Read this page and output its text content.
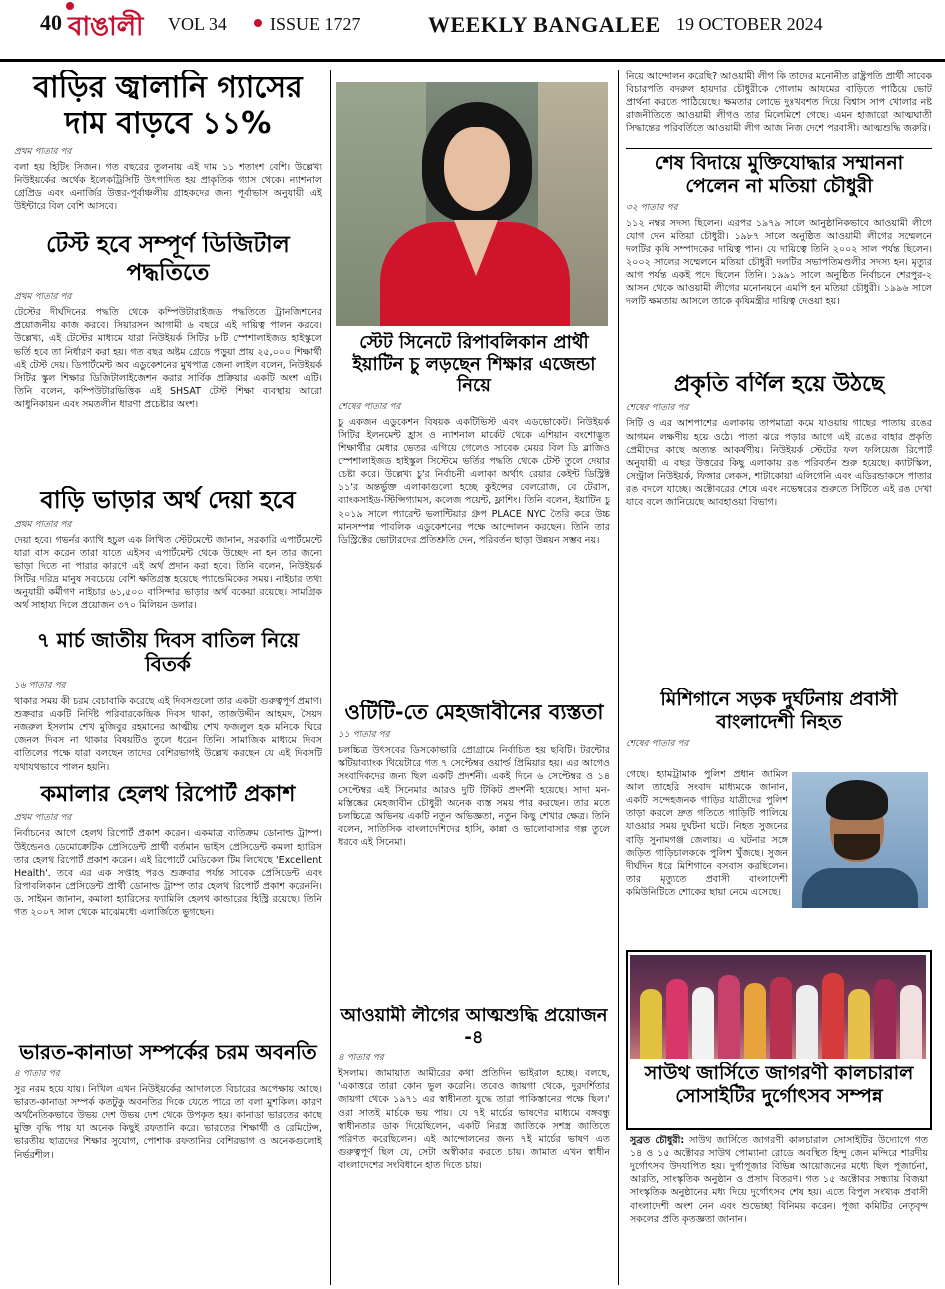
40 বাঙালী VOL 34 ISSUE 1727	WEEKLY BANGALEE 19 OCTOBER 2024
বাড়ির জ্বালানি গ্যাসের দাম বাড়বে ১১%
প্রথম পাতার পর
বলা হয় হিটিং সিজন। গত বছরের তুলনায় এই দাম ১১ শতাংশ বেশি। উল্লেখ্য নিউইয়র্কের অর্থেক ইলেকট্রিসিটি উৎপাদিত হয় প্রাকৃতিক গ্যাস থেকে। ন্যাশনাল গ্রেপ্রিড এবং এনার্জির উত্তর-পূর্বাঞ্চলীয় গ্রাহকদের জন্য পূর্বাভাস অনুযায়ী এই উইন্টারে বিল বেশি আসবে।
টেস্ট হবে সম্পূর্ণ ডিজিটাল পদ্ধতিতে
প্রথম পাতার পর
টেস্টের দীর্ঘদিনের পদ্ধতি থেকে কম্পিউটারাইজড পদ্ধতিতে ট্রানজিশনের প্রয়োজনীয় কাজ করবে। সিয়ারসন আগামী ৬ বছরে এই দায়িত্ব পালন করবে। উল্লেখ্য, এই টেস্টের মাধ্যমে যারা নিউইয়র্ক সিটির ৮টি স্পেশালাইজড হাইস্কুলে ভর্তি হবে তা নির্ধারণ করা হয়। গত বছর অষ্টম গ্রেডে পড়ুয়া প্রায় ২৫,০০০ শিক্ষার্থী এই টেস্ট দেয়। ডিপার্টমেন্ট অব এডুকেশনের মুখপাত্র জেনা লাইল বলেন, নিউইয়র্ক সিটির স্কুল শিক্ষার ডিজিটালাইজেশন করার সার্বিক প্রক্রিয়ার একটি অংশ এটি। তিনি বলেন, কম্পিউটারভিত্তিক এই SHSAT টেস্ট শিক্ষা ব্যবস্থায় আরো আধুনিকায়ন এবং সমতলীন ধারণা প্রচেষ্টার অংশ।
বাড়ি ভাড়ার অর্থ দেয়া হবে
প্রথম পাতার পর
দেয়া হবে। গভর্নর ক্যাথি হচুল এক লিখিত স্টেটমেন্টে জানান, সরকারি এপার্টমেন্টে যারা বাস করেন তারা যাতে এইসব এপার্টমেন্ট থেকে উচ্ছেদ না হন তার জন্যে ভাড়া দিতে না পারার কারণে এই অর্থ প্রদান করা হবে। তিনি বলেন, নিউইয়র্ক সিটির দরিদ্র মানুষ সবচেয়ে বেশি ক্ষতিগ্রস্ত হয়েছে প্যান্ডেমিকের সময়। নাইচার তথ্য অনুযায়ী কর্মীগণ নাইচার ৬১,৫০০ বাসিন্দার ভাড়ার অর্থ বকেয়া রয়েছে। সামগ্রিক অর্থ সাহায্য দিলে প্রয়োজন ৩৭০ মিলিয়ন ডলার।
৭ মার্চ জাতীয় দিবস বাতিল নিয়ে বিতর্ক
১৬ পাতার পর
থাকার সময় কী চরম বেচাবাকি করেছে এই দিবসগুলো তার একটা গুরুত্বপূর্ণ প্রমাণ। শুক্রবার একটি নির্দিষ্ট পরিবারকেন্দ্রিক দিবস থাকা, তাজউদ্দীন আহমদ, সৈয়দ নজরুল ইসলাম শেখ মুজিবুর রহমানের আত্মীয় শেখ ফজলুল হক মনিকে ঘিরে জেনল দিবস না থাকার বিষয়টিও তুলে ধরেন তিনি। সামাজিক মাধ্যমে দিবস বাতিলের পক্ষে যারা বলছেন তাদের বেশিরভাগই উল্লেখ করছেন যে এই দিবসটি যথাযথভাবে পালন হয়নি।
কমালার হেলথ রিপোর্ট প্রকাশ
প্রথম পাতার পর
নির্বাচনের আগে হেলথ রিপোর্ট প্রকাশ করেন। একমাত্র ব্যতিক্রম ডোনাল্ড ট্রাম্প। উইন্ডেনও ডেমোক্রেটিক প্রেসিডেন্ট প্রার্থী বর্তমান ভাইস প্রেসিডেন্ট কমলা হ্যারিস তার হেলথ রিপোর্ট প্রকাশ করেন। এই রিপোর্টে মেডিকেল টিম লিখেছে 'Excellent Health'. তবে এর এক সপ্তাহ পরও শুক্রবার পর্যন্ত সাবেক প্রেসিডেন্ট এবং রিপাবলিকান প্রেসিডেন্ট প্রার্থী ডোনাল্ড ট্রাম্প তার হেলথ রিপোর্ট প্রকাশ করেননি। ড. সাইমন জানান, কমালা হ্যারিসের ফ্যামিলি হেলথ কান্ডারের হিস্ট্রি রয়েছে। তিনি গত ২০০৭ সাল থেকে মাঝেমধ্যে এলার্জিতে ভুগছেন।
ভারত-কানাডা সম্পর্কের চরম অবনতি
৪ পাতার পর
সুর নরম হয়ে যায়। নিখিল এখন নিউইয়র্কের আদালতে বিচারের অপেক্ষায় আছে। ভারত-কানাডা সম্পর্ক কতটুকু অবনতির দিকে যেতে পারে তা বলা মুশকিল। কারণ অর্থনৈতিকভাবে উভয় দেশ উভয় দেশ থেকে উপকৃত হয়। কানাডা ভারতের কাছে মুক্তি বৃদ্ধি পায় যা অনেক কিছুই রফতানি করে। ভারতের শিক্ষার্থী ও রেমিটেন্স, ভারতীয় ছাত্রদের শিক্ষার সুযোগ, পোশাক রফতানির বেশিরভাগ ও অনেকগুলোই নির্ভরশীল।
স্টেট সিনেটে রিপাবলিকান প্রার্থী ইয়াটিন চু লড়ছেন শিক্ষার এজেন্ডা নিয়ে
শেষের পাতার পর
চু একজন এডুকেশন বিষয়ক একটিভিস্ট এবং এডভোকেট। নিউইয়র্ক সিটির ইলনমেন্ট হ্রাস ও ন্যাশনাল মার্কেট থেকে এশিয়ান বংশোদ্ভূত শিক্ষার্থীর মেধার ভেতর এগিয়ে গেলেও সাবেক মেয়র বিল ডি ব্লাজিও স্পেশালাইজড হাইস্কুল সিস্টেমে ভর্তির পদ্ধতি থেকে টেস্ট তুলে দেয়ার চেষ্টা করে। উল্লেখ্য চু'র নির্বাচনী এলাকা অর্থাৎ রেয়ার কেইন্ট ডিস্ট্রিক্ট ১১'র অন্তর্ভুক্ত এলাকাগুলো হচ্ছে কুইন্সের বেলরোজ, বে টেরাস, ব্যাংকসাইড-স্টিন্সিগ্যামস, কলেজ পয়েন্ট, ফ্লাশিং। তিনি বলেন, ইয়াটিন চু ২০১৯ সালে প্যারেন্ট ভলান্টিয়ার গ্রুপ PLACE NYC তৈরি করে উচ্চ মানসম্পন্ন পাবলিক এডুকেশনের পক্ষে আন্দোলন করছেন। তিনি তার ডিস্ট্রিক্টের ভোটারদের প্রতিশ্রুতি দেন, পরিবর্তন ছাড়া উন্নয়ন সম্ভব নয়।
ওটিটি-তে মেহজাবীনের ব্যস্ততা
১১ পাতার পর
চলচ্চিত্র উৎসবের ডিসকোভারি প্রোগ্রামে নির্বাচিত হয় ছবিটি। টরন্টোর স্কটিয়াব্যাংক থিয়েটারে গত ৭ সেপ্টেম্বর ওয়ার্ল্ড প্রিমিয়ার হয়। এর আগেও সংবাদিকদের জন্য ছিল একটি প্রদর্শনী। একই দিনে ৬ সেপ্টেম্বর ও ১৪ সেপ্টেম্বর এই সিনেমার আরও দুটি টিকিট প্রদর্শনী হয়েছে। সাদা মন-মস্তিষ্কের মেহজাবীন চৌধুরী অনেক ব্যস্ত সময় পার করছেন। তার মতে চলচ্চিত্রে অভিনয় একটি নতুন অভিজ্ঞতা, নতুন কিছু শেখার ক্ষেত্র। তিনি বলেন, সাতিসিক বাংলাদেশিদের হাসি, কান্না ও ভালোবাসার গল্প তুলে ধরবে এই সিনেমা।
আওয়ামী লীগের আত্মশুদ্ধি প্রয়োজন -৪
৪ পাতার পর
ইসলাম। জামায়াত আমীরের কথা প্রতিদিন ভাইরাল হচ্ছে। বলছে, 'একাত্তরে তারা কোন ভুল করেনি। তবেও জায়গা থেকে, দুরদর্শিতার জায়গা থেকে ১৯৭১ এর স্বাধীনতা যুদ্ধে তারা পাকিস্তানের পক্ষে ছিল।' ওরা সাতই মার্চকে ভয় পায়। যে ৭ই মার্চের ভাষণের মাধ্যমে বঙ্গবন্ধু স্বাধীনতার ডাক দিয়েছিলেন, একটি নিরস্ত্র জাতিকে সশস্ত্র জাতিতে পরিণত করেছিলেন। এই আন্দোলনের জন্য ৭ই মার্চের ভাষণ এত গুরুত্বপূর্ণ ছিল যে, সেটা অস্বীকার করতে চায়। জামাত এখন স্বাধীন বাংলাদেশের সংবিধানে হাত দিতে চায়।
নিয়ে আন্দোলন করেছি? আওয়ামী লীগ কি তাদের মনোনীত রাষ্ট্রপতি প্রার্থী সাবেক বিচারপতি বদরুল হায়দার চৌধুরীকে গোলাম আযমের বাড়িতে পাঠিয়ে ভোট প্রার্থনা করতে পাঠিয়েছে। ক্ষমতার লোভে দুঃখবশত দিয়ে বিশ্বাস সাপ খোলার নষ্ট রাজনীতিতে আওয়ামী লীগও তার মিলেমিশে গেছে। এমন হাজারো আত্মঘাতী সিদ্ধান্তের পরিবর্তিতে আওয়ামী লীগ আজ নিজ দেশে পরবাসী। আত্মশুদ্ধি জরুরি।
শেষ বিদায়ে মুক্তিযোদ্ধার সম্মাননা পেলেন না মতিয়া চৌধুরী
৩২ পাতার পর
১১২ নম্বর সদস্য ছিলেন। এরপর ১৯৭৯ সালে আনুষ্ঠানিকভাবে আওয়ামী লীগে যোগ দেন মতিয়া চৌধুরী। ১৯৮৭ সালে অনুষ্ঠিত আওয়ামী লীগের সম্মেলনে দলটির কৃষি সম্পাদকের দায়িত্ব পান। যে দায়িত্বে তিনি ২০০২ সাল পর্যন্ত ছিলেন। ২০০২ সালের সম্মেলনে মতিয়া চৌধুরী দলটির সভাপতিমণ্ডলীর সদস্য হন। মৃত্যুর আগ পর্যন্ত একই পদে ছিলেন তিনি। ১৯৯১ সালে অনুষ্ঠিত নির্বাচনে শেরপুর-২ আসন থেকে আওয়ামী লীগের মনোনয়নে এমপি হন মতিয়া চৌধুরী। ১৯৯৬ সালে দলটি ক্ষমতায় আসলে তাকে কৃষিমন্ত্রীর দায়িত্ব দেওয়া হয়।
প্রকৃতি বর্ণিল হয়ে উঠছে
শেষের পাতার পর
সিটি ও এর আশপাশের এলাকায় তাপমাত্রা কমে যাওয়ায় গাছের পাতায় রঙের আগমন লক্ষণীয় হয়ে ওঠে। পাতা ঝরে পড়ার আগে এই রঙের বাহার প্রকৃতি প্রেমীদের কাছে অত্যন্ত আকর্ষণীয়। নিউইয়র্ক স্টেটের ফল ফলিয়েজ রিপোর্ট অনুযায়ী এ বছর উত্তরের কিছু এলাকায় রঙ পরিবর্তন শুরু হয়েছে। ক্যাটস্কিল, সেন্ট্রাল নিউইয়র্ক, ফিঙ্গার লেকস, শাটাকোয়া এলিগেনি এবং এডিরন্ডাকসে পাতার রঙ বদলে যাচ্ছে। অক্টোবরের শেষে এবং নভেম্বরের শুরুতে সিটিতে এই রঙ দেখা যাবে বলে জানিয়েছে আবহাওয়া বিভাগ।
মিশিগানে সড়ক দুর্ঘটনায় প্রবাসী বাংলাদেশী নিহত
শেষের পাতার পর
গেছে। হ্যামট্রামাক পুলিশ প্রধান জামিল আল তাহেরি সংবাদ মাধ্যমকে জানান, একটি সন্দেহজনক গাড়ির যাত্রীদের পুলিশ তাড়া করলে দ্রুত গতিতে গাড়িটি পালিয়ে যাওয়ার সময় দুর্ঘটনা ঘটে। নিহত সুজনের বাড়ি সুনামগঞ্জ জেলায়। এ ঘটনার সঙ্গে জড়িত গাড়িচালককে পুলিশ খুঁজছে। সুজন দীর্ঘদিন ধরে মিশিগানে বসবাস করছিলেন। তার মৃত্যুতে প্রবাসী বাংলাদেশী কমিউনিটিতে শোকের ছায়া নেমে এসেছে।
সাউথ জার্সিতে জাগরণী কালচারাল সোসাইটির দুর্গোৎসব সম্পন্ন
সুব্রত চৌধুরী: সাউথ জার্সিতে জাগরণী কালচারাল সোসাইটির উদ্যোগে গত ১৪ ও ১৫ অক্টোবর সাউথ পোম্যানা রোডে অবস্থিত হিন্দু জেন মন্দিরে শারদীয় দুর্গোৎসব উদযাপিত হয়। দুর্গাপূজার বিভিন্ন আয়োজনের মধ্যে ছিল পূজার্চনা, আরতি, সাংস্কৃতিক অনুষ্ঠান ও প্রসাদ বিতরণ। গত ১৫ অক্টোবর সন্ধ্যায় বিজয়া সাংস্কৃতিক অনুষ্ঠানের মধ্য দিয়ে দুর্গোৎসব শেষ হয়। এতে বিপুল সংখ্যক প্রবাসী বাংলাদেশী অংশ নেন এবং শুভেচ্ছা বিনিময় করেন। পূজা কমিটির নেতৃবৃন্দ সকলের প্রতি কৃতজ্ঞতা জানান।
